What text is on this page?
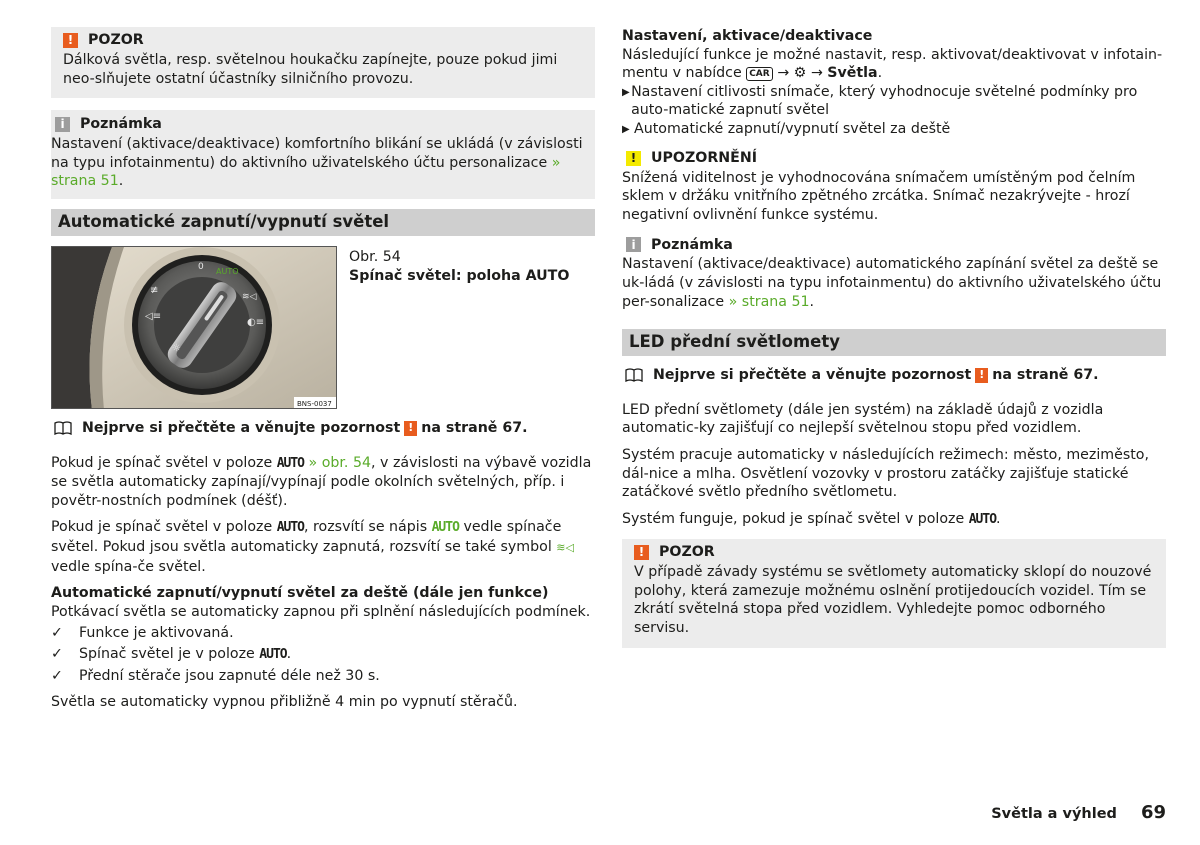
!	POZOR
Dálková světla, resp. světelnou houkačku zapínejte, pouze pokud jimi neo-slňujete ostatní účastníky silničního provozu.
i	Poznámka
Nastavení (aktivace/deaktivace) komfortního blikání se ukládá (v závislosti na typu infotainmentu) do aktivního uživatelského účtu personalizace » strana 51.
Automatické zapnutí/vypnutí světel
0 AUTO
≢
◁≡
≋◁
◐≡
☼
BNS-0037
Obr. 54
Spínač světel: poloha AUTO
Nejprve si přečtěte a věnujte pozornost ! na straně 67.

Pokud je spínač světel v poloze AUTO » obr. 54, v závislosti na výbavě vozidla se světla automaticky zapínají/vypínají podle okolních světelných, příp. i povětr-nostních podmínek (déšť).

Pokud je spínač světel v poloze AUTO, rozsvítí se nápis AUTO vedle spínače světel. Pokud jsou světla automaticky zapnutá, rozsvítí se také symbol ≋◁ vedle spína-če světel.

Automatické zapnutí/vypnutí světel za deště (dále jen funkce)
Potkávací světla se automaticky zapnou při splnění následujících podmínek.
✓	Funkce je aktivovaná.
✓	Spínač světel je v poloze AUTO.
✓	Přední stěrače jsou zapnuté déle než 30 s.

Světla se automaticky vypnou přibližně 4 min po vypnutí stěračů.

Nastavení, aktivace/deaktivace
Následující funkce je možné nastavit, resp. aktivovat/deaktivovat v infotain-mentu v nabídce CAR → ⚙ → Světla.
▶ Nastavení citlivosti snímače, který vyhodnocuje světelné podmínky pro auto-matické zapnutí světel
▶ Automatické zapnutí/vypnutí světel za deště
!	UPOZORNĚNÍ
Snížená viditelnost je vyhodnocována snímačem umístěným pod čelním sklem v držáku vnitřního zpětného zrcátka. Snímač nezakrývejte - hrozí negativní ovlivnění funkce systému.
i	Poznámka
Nastavení (aktivace/deaktivace) automatického zapínání světel za deště se uk-ládá (v závislosti na typu infotainmentu) do aktivního uživatelského účtu per-sonalizace » strana 51.
LED přední světlomety
Nejprve si přečtěte a věnujte pozornost ! na straně 67.

LED přední světlomety (dále jen systém) na základě údajů z vozidla automatic-ky zajišťují co nejlepší světelnou stopu před vozidlem.

Systém pracuje automaticky v následujících režimech: město, meziměsto, dál-nice a mlha. Osvětlení vozovky v prostoru zatáčky zajišťuje statické zatáčkové světlo předního světlometu.

Systém funguje, pokud je spínač světel v poloze AUTO.

!	POZOR
V případě závady systému se světlomety automaticky sklopí do nouzové polohy, která zamezuje možnému oslnění protijedoucích vozidel. Tím se zkrátí světelná stopa před vozidlem. Vyhledejte pomoc odborného servisu.
Světla a výhled 69
